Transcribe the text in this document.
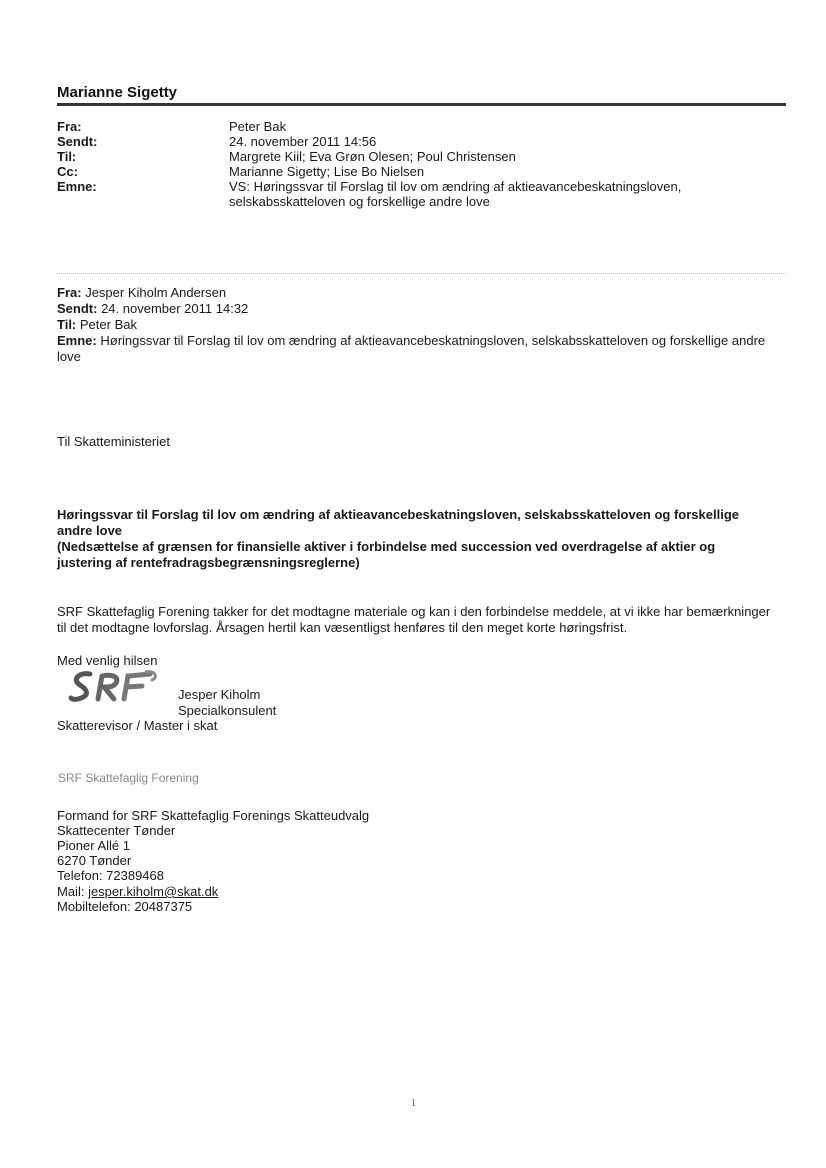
Marianne Sigetty
Fra:	Peter Bak
Sendt:	24. november 2011 14:56
Til:	Margrete Kiil; Eva Grøn Olesen; Poul Christensen
Cc:	Marianne Sigetty; Lise Bo Nielsen
Emne:	VS: Høringssvar til Forslag til lov om ændring af aktieavancebeskatningsloven, selskabsskatteloven og forskellige andre love
Fra: Jesper Kiholm Andersen
Sendt: 24. november 2011 14:32
Til: Peter Bak
Emne: Høringssvar til Forslag til lov om ændring af aktieavancebeskatningsloven, selskabsskatteloven og forskellige andre love
Til Skatteministeriet
Høringssvar til Forslag til lov om ændring af aktieavancebeskatningsloven, selskabsskatteloven og forskellige andre love
(Nedsættelse af grænsen for finansielle aktiver i forbindelse med succession ved overdragelse af aktier og justering af rentefradragsbegrænsningsreglerne)
SRF Skattefaglig Forening takker for det modtagne materiale og kan i den forbindelse meddele, at vi ikke har bemærkninger til det modtagne lovforslag. Årsagen hertil kan væsentligst henføres til den meget korte høringsfrist.
Med venlig hilsen
Jesper Kiholm
Specialkonsulent
Skatterevisor / Master i skat
SRF Skattefaglig Forening
Formand for SRF Skattefaglig Forenings Skatteudvalg
Skattecenter Tønder
Pioner Allé 1
6270 Tønder
Telefon: 72389468
Mail: jesper.kiholm@skat.dk
Mobiltelefon: 20487375
1
